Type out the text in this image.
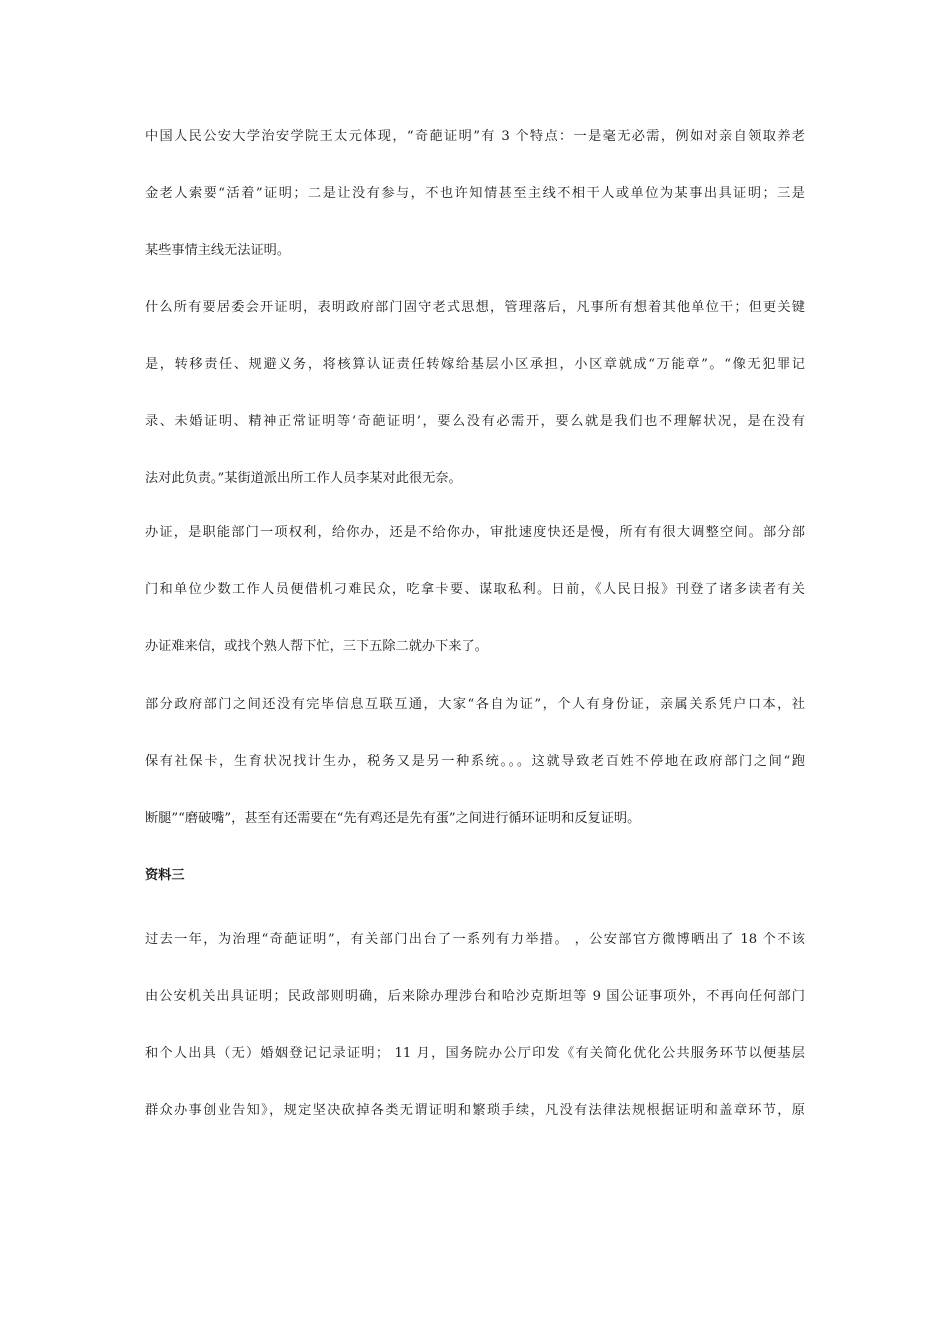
中国人民公安大学治安学院王太元体现，“奇葩证明”有 3 个特点：一是毫无必需，例如对亲自领取养老
金老人索要“活着”证明；二是让没有参与，不也许知情甚至主线不相干人或单位为某事出具证明；三是
某些事情主线无法证明。
什么所有要居委会开证明，表明政府部门固守老式思想，管理落后，凡事所有想着其他单位干；但更关键
是，转移责任、规避义务，将核算认证责任转嫁给基层小区承担，小区章就成“万能章”。“像无犯罪记
录、未婚证明、精神正常证明等‘奇葩证明’，要么没有必需开，要么就是我们也不理解状况，是在没有
法对此负责。”某街道派出所工作人员李某对此很无奈。
办证，是职能部门一项权利，给你办，还是不给你办，审批速度快还是慢，所有有很大调整空间。部分部
门和单位少数工作人员便借机刁难民众，吃拿卡要、谋取私利。日前，《人民日报》刊登了诸多读者有关
办证难来信，或找个熟人帮下忙，三下五除二就办下来了。
部分政府部门之间还没有完毕信息互联互通，大家“各自为证”，个人有身份证，亲属关系凭户口本，社
保有社保卡，生育状况找计生办，税务又是另一种系统。。。这就导致老百姓不停地在政府部门之间“跑
断腿”“磨破嘴”，甚至有还需要在“先有鸡还是先有蛋”之间进行循环证明和反复证明。
资料三
过去一年，为治理“奇葩证明”，有关部门出台了一系列有力举措。 ，公安部官方微博晒出了 18 个不该
由公安机关出具证明；民政部则明确，后来除办理涉台和哈沙克斯坦等 9 国公证事项外，不再向任何部门
和个人出具（无）婚姻登记记录证明； 11 月，国务院办公厅印发《有关简化优化公共服务环节以便基层
群众办事创业告知》，规定坚决砍掉各类无谓证明和繁琐手续，凡没有法律法规根据证明和盖章环节，原
